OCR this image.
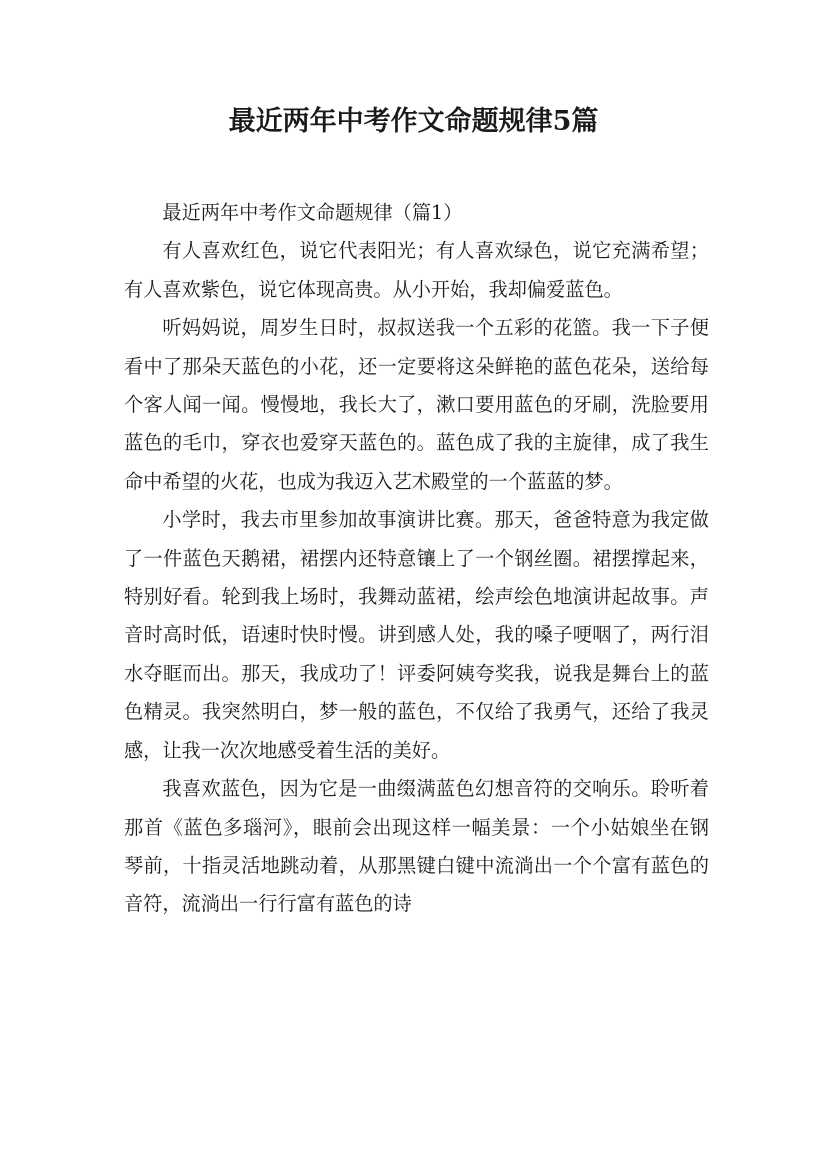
最近两年中考作文命题规律5篇

最近两年中考作文命题规律（篇1）

有人喜欢红色，说它代表阳光；有人喜欢绿色，说它充满希望；有人喜欢紫色，说它体现高贵。从小开始，我却偏爱蓝色。

听妈妈说，周岁生日时，叔叔送我一个五彩的花篮。我一下子便看中了那朵天蓝色的小花，还一定要将这朵鲜艳的蓝色花朵，送给每个客人闻一闻。慢慢地，我长大了，漱口要用蓝色的牙刷，洗脸要用蓝色的毛巾，穿衣也爱穿天蓝色的。蓝色成了我的主旋律，成了我生命中希望的火花，也成为我迈入艺术殿堂的一个蓝蓝的梦。

小学时，我去市里参加故事演讲比赛。那天，爸爸特意为我定做了一件蓝色天鹅裙，裙摆内还特意镶上了一个钢丝圈。裙摆撑起来，特别好看。轮到我上场时，我舞动蓝裙，绘声绘色地演讲起故事。声音时高时低，语速时快时慢。讲到感人处，我的嗓子哽咽了，两行泪水夺眶而出。那天，我成功了！评委阿姨夸奖我，说我是舞台上的蓝色精灵。我突然明白，梦一般的蓝色，不仅给了我勇气，还给了我灵感，让我一次次地感受着生活的美好。

我喜欢蓝色，因为它是一曲缀满蓝色幻想音符的交响乐。聆听着那首《蓝色多瑙河》，眼前会出现这样一幅美景：一个小姑娘坐在钢琴前，十指灵活地跳动着，从那黑键白键中流淌出一个个富有蓝色的音符，流淌出一行行富有蓝色的诗
